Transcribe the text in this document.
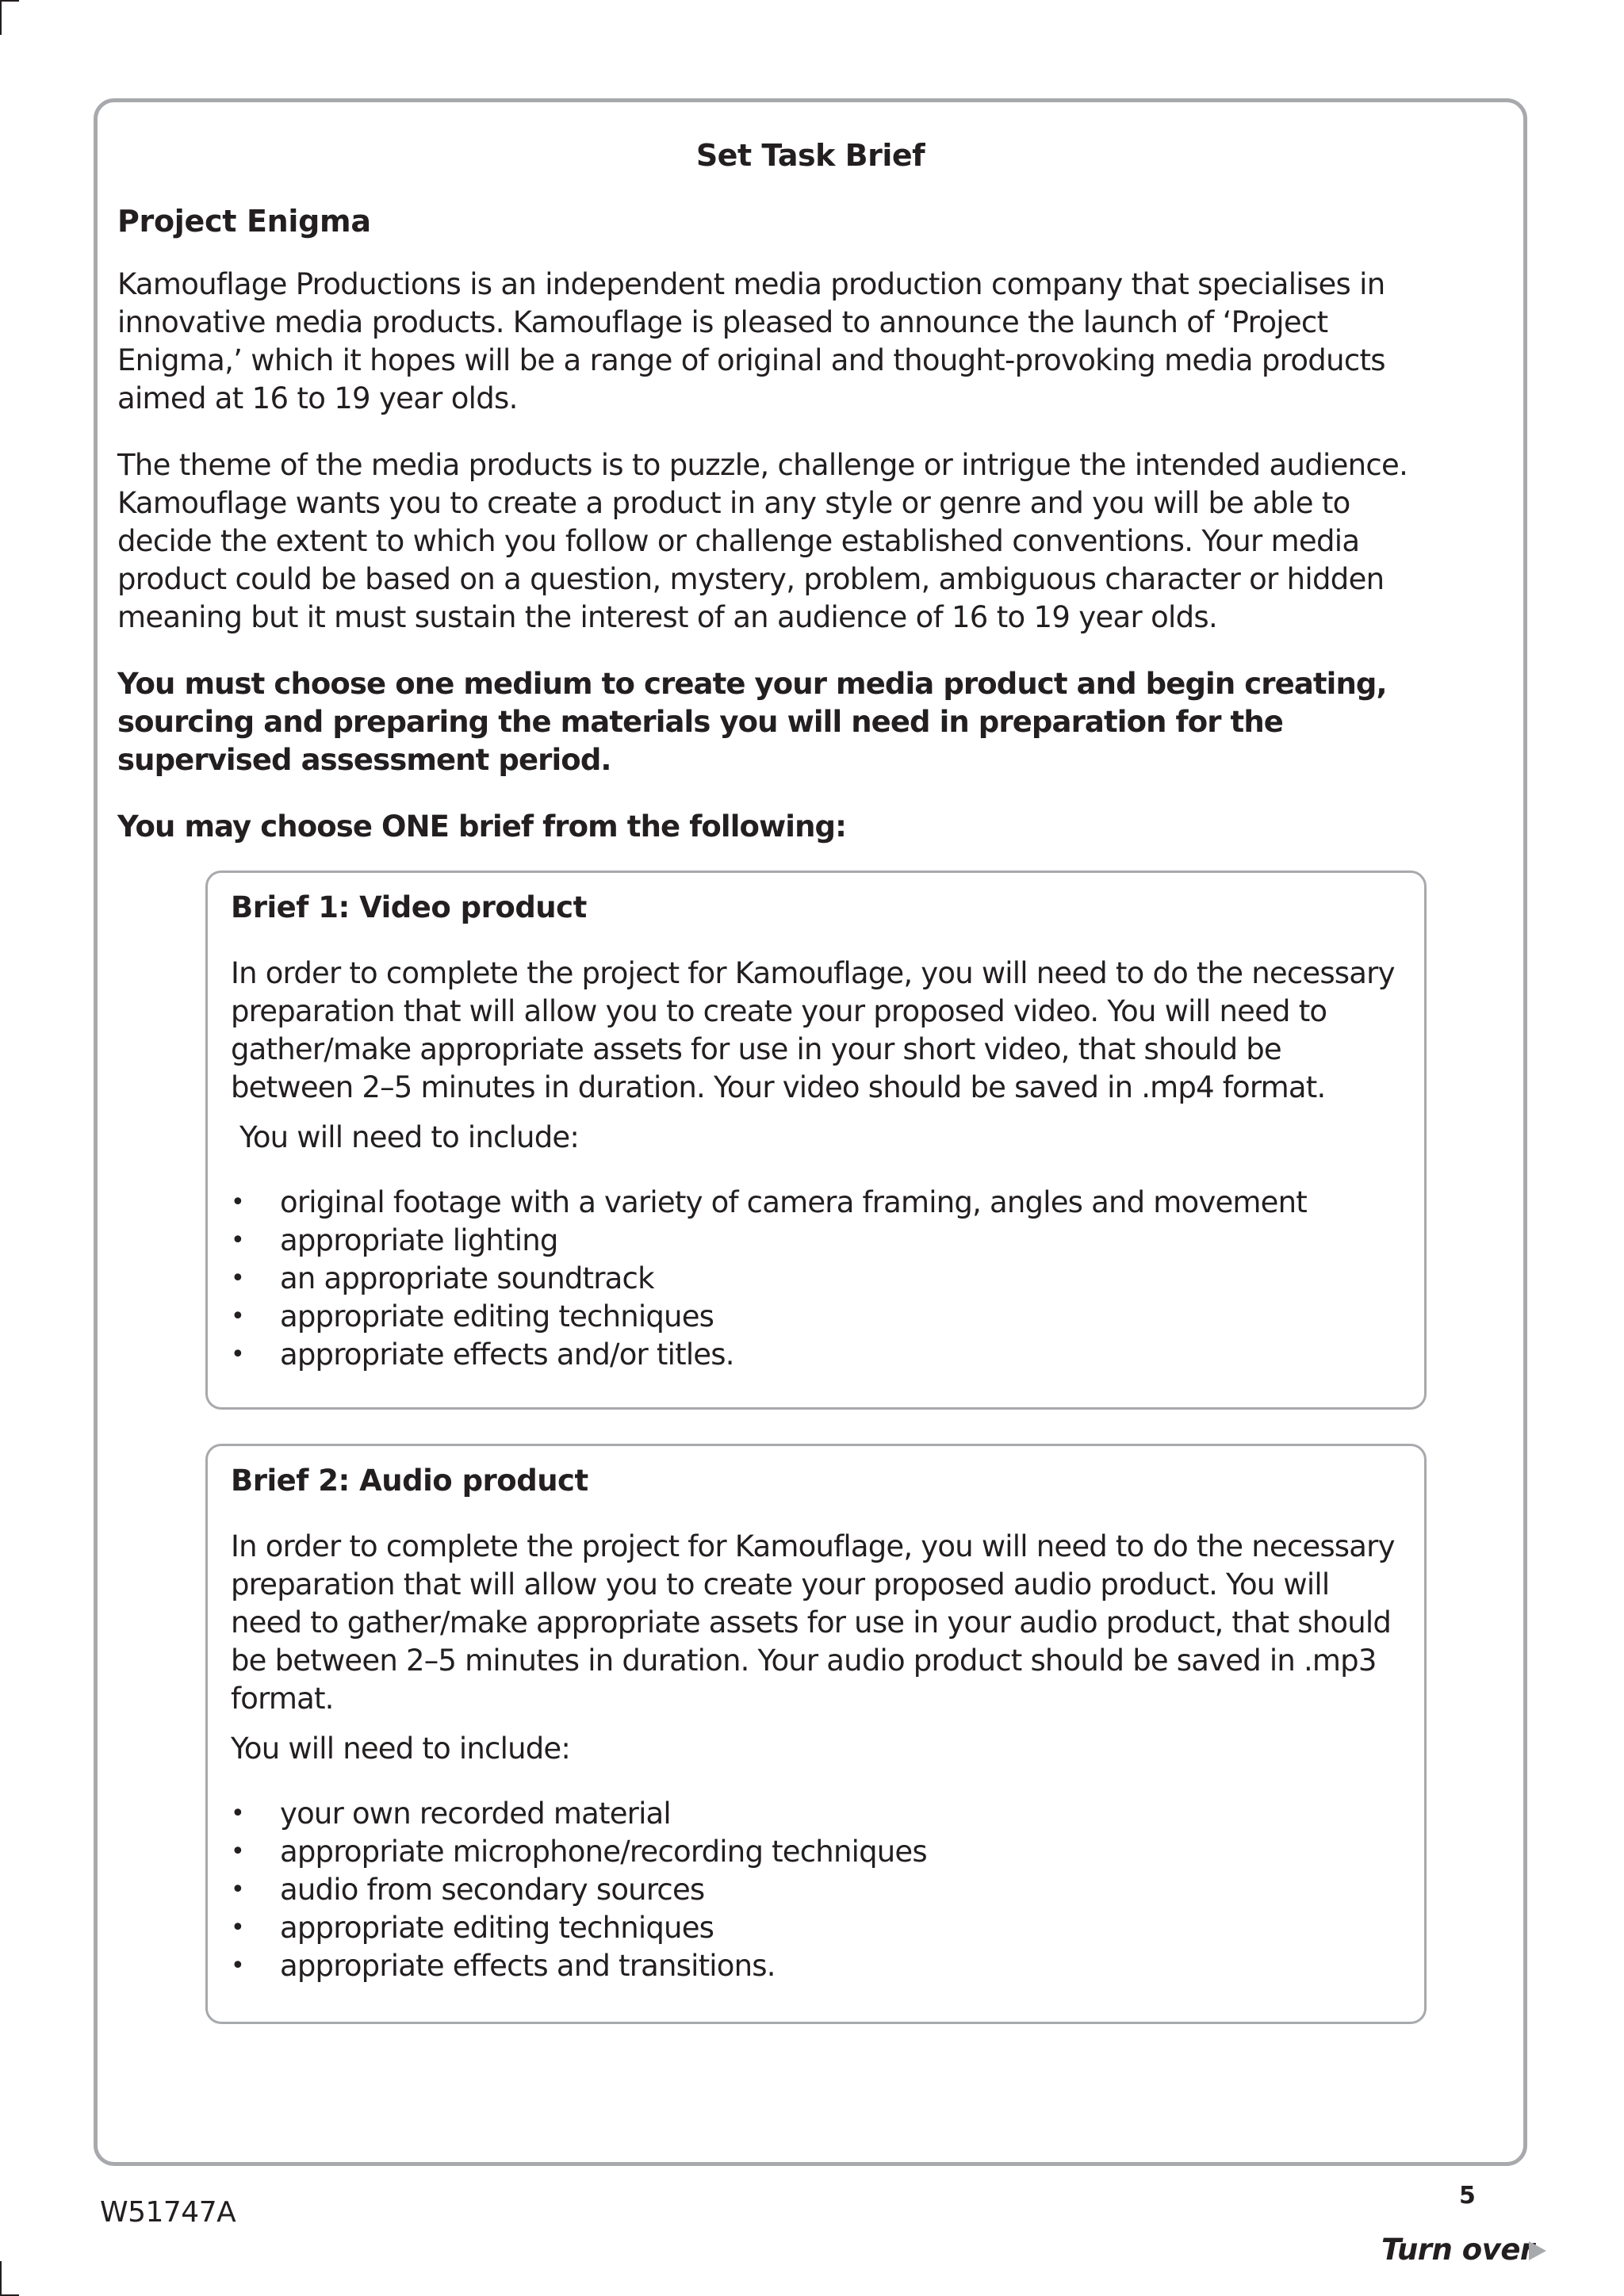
Set Task Brief
Project Enigma

Kamouflage Productions is an independent media production company that specialises in innovative media products. Kamouflage is pleased to announce the launch of ‘Project Enigma,’ which it hopes will be a range of original and thought-provoking media products aimed at 16 to 19 year olds.

The theme of the media products is to puzzle, challenge or intrigue the intended audience. Kamouflage wants you to create a product in any style or genre and you will be able to decide the extent to which you follow or challenge established conventions. Your media product could be based on a question, mystery, problem, ambiguous character or hidden meaning but it must sustain the interest of an audience of 16 to 19 year olds.

You must choose one medium to create your media product and begin creating, sourcing and preparing the materials you will need in preparation for the supervised assessment period.

You may choose ONE brief from the following:

Brief 1: Video product

In order to complete the project for Kamouflage, you will need to do the necessary preparation that will allow you to create your proposed video. You will need to gather/make appropriate assets for use in your short video, that should be between 2–5 minutes in duration. Your video should be saved in .mp4 format.

You will need to include:

• original footage with a variety of camera framing, angles and movement
• appropriate lighting
• an appropriate soundtrack
• appropriate editing techniques
• appropriate effects and/or titles.
Brief 2: Audio product

In order to complete the project for Kamouflage, you will need to do the necessary preparation that will allow you to create your proposed audio product. You will need to gather/make appropriate assets for use in your audio product, that should be between 2–5 minutes in duration. Your audio product should be saved in .mp3 format.

You will need to include:

• your own recorded material
• appropriate microphone/recording techniques
• audio from secondary sources
• appropriate editing techniques
• appropriate effects and transitions.
W51747A
5
Turn over
